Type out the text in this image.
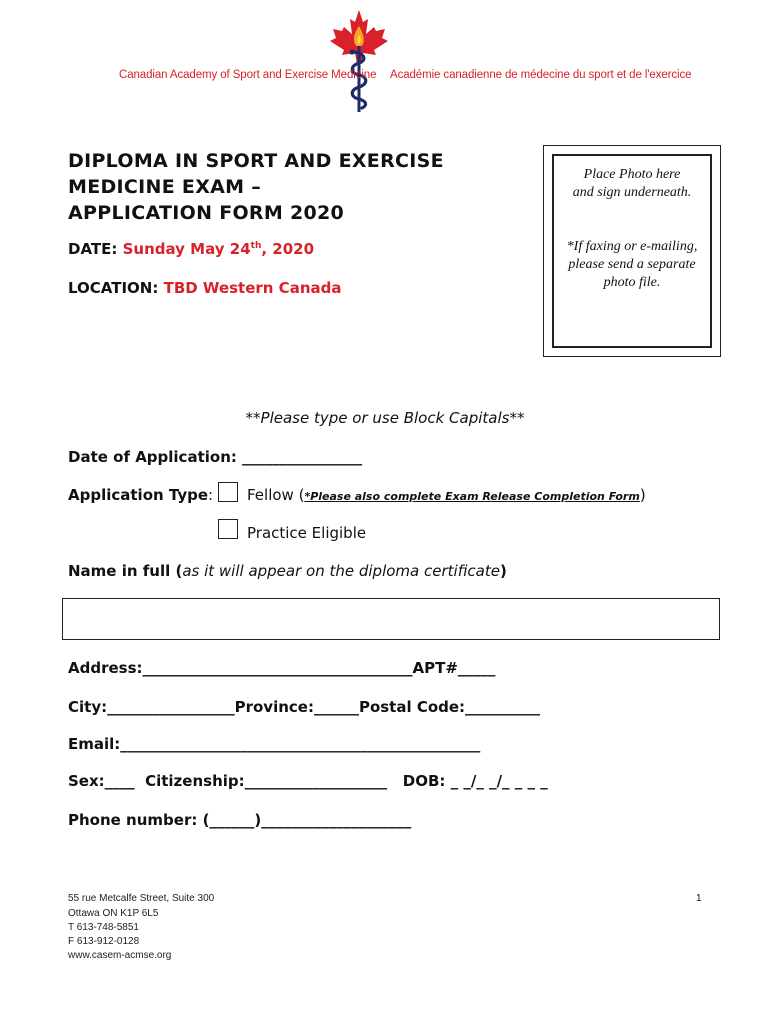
Canadian Academy of Sport and Exercise Medicine Académie canadienne de médecine du sport et de l'exercice
DIPLOMA IN SPORT AND EXERCISE
MEDICINE EXAM –
APPLICATION FORM 2020
DATE: Sunday May 24th, 2020
LOCATION: TBD Western Canada
Place Photo here and sign underneath.
*If faxing or e-mailing, please send a separate photo file.
**Please type or use Block Capitals**
Date of Application: ________________
Application Type: Fellow (*Please also complete Exam Release Completion Form)
Practice Eligible
Name in full (as it will appear on the diploma certificate)
Address:____________________________________APT#_____
City:_________________Province:______Postal Code:__________
Email:________________________________________________
Sex:____  Citizenship:___________________   DOB: _ _/_ _/_ _ _ _
Phone number: (______)____________________
55 rue Metcalfe Street, Suite 300
Ottawa ON K1P 6L5
T 613-748-5851
F 613-912-0128
www.casem-acmse.org
1
